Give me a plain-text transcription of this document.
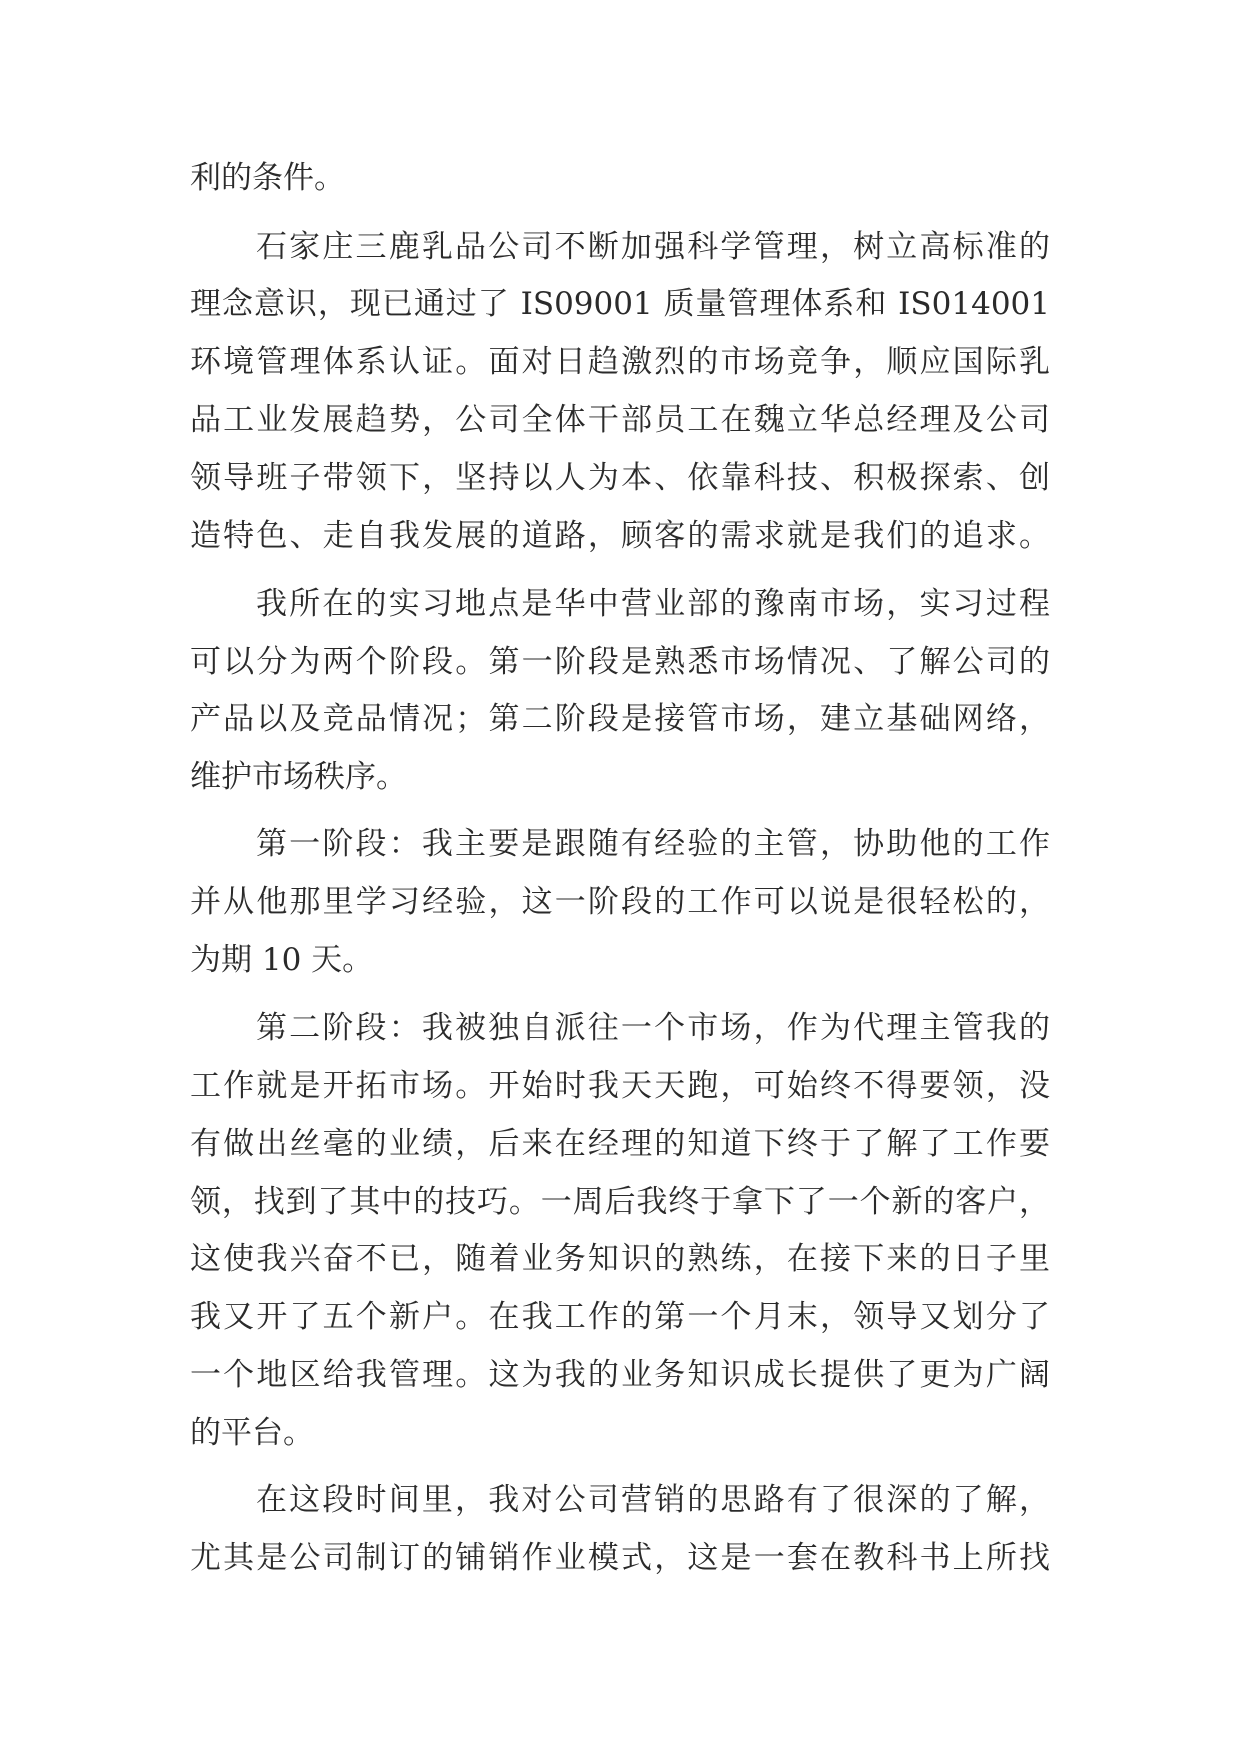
利的条件。
石家庄三鹿乳品公司不断加强科学管理，树立高标准的
理念意识，现已通过了 IS09001 质量管理体系和 IS014001
环境管理体系认证。面对日趋激烈的市场竞争，顺应国际乳
品工业发展趋势，公司全体干部员工在魏立华总经理及公司
领导班子带领下，坚持以人为本、依靠科技、积极探索、创
造特色、走自我发展的道路，顾客的需求就是我们的追求。
我所在的实习地点是华中营业部的豫南市场，实习过程
可以分为两个阶段。第一阶段是熟悉市场情况、了解公司的
产品以及竞品情况；第二阶段是接管市场，建立基础网络，
维护市场秩序。
第一阶段：我主要是跟随有经验的主管，协助他的工作
并从他那里学习经验，这一阶段的工作可以说是很轻松的，
为期 10 天。
第二阶段：我被独自派往一个市场，作为代理主管我的
工作就是开拓市场。开始时我天天跑，可始终不得要领，没
有做出丝毫的业绩，后来在经理的知道下终于了解了工作要
领，找到了其中的技巧。一周后我终于拿下了一个新的客户，
这使我兴奋不已，随着业务知识的熟练，在接下来的日子里
我又开了五个新户。在我工作的第一个月末，领导又划分了
一个地区给我管理。这为我的业务知识成长提供了更为广阔
的平台。
在这段时间里，我对公司营销的思路有了很深的了解，
尤其是公司制订的铺销作业模式，这是一套在教科书上所找
